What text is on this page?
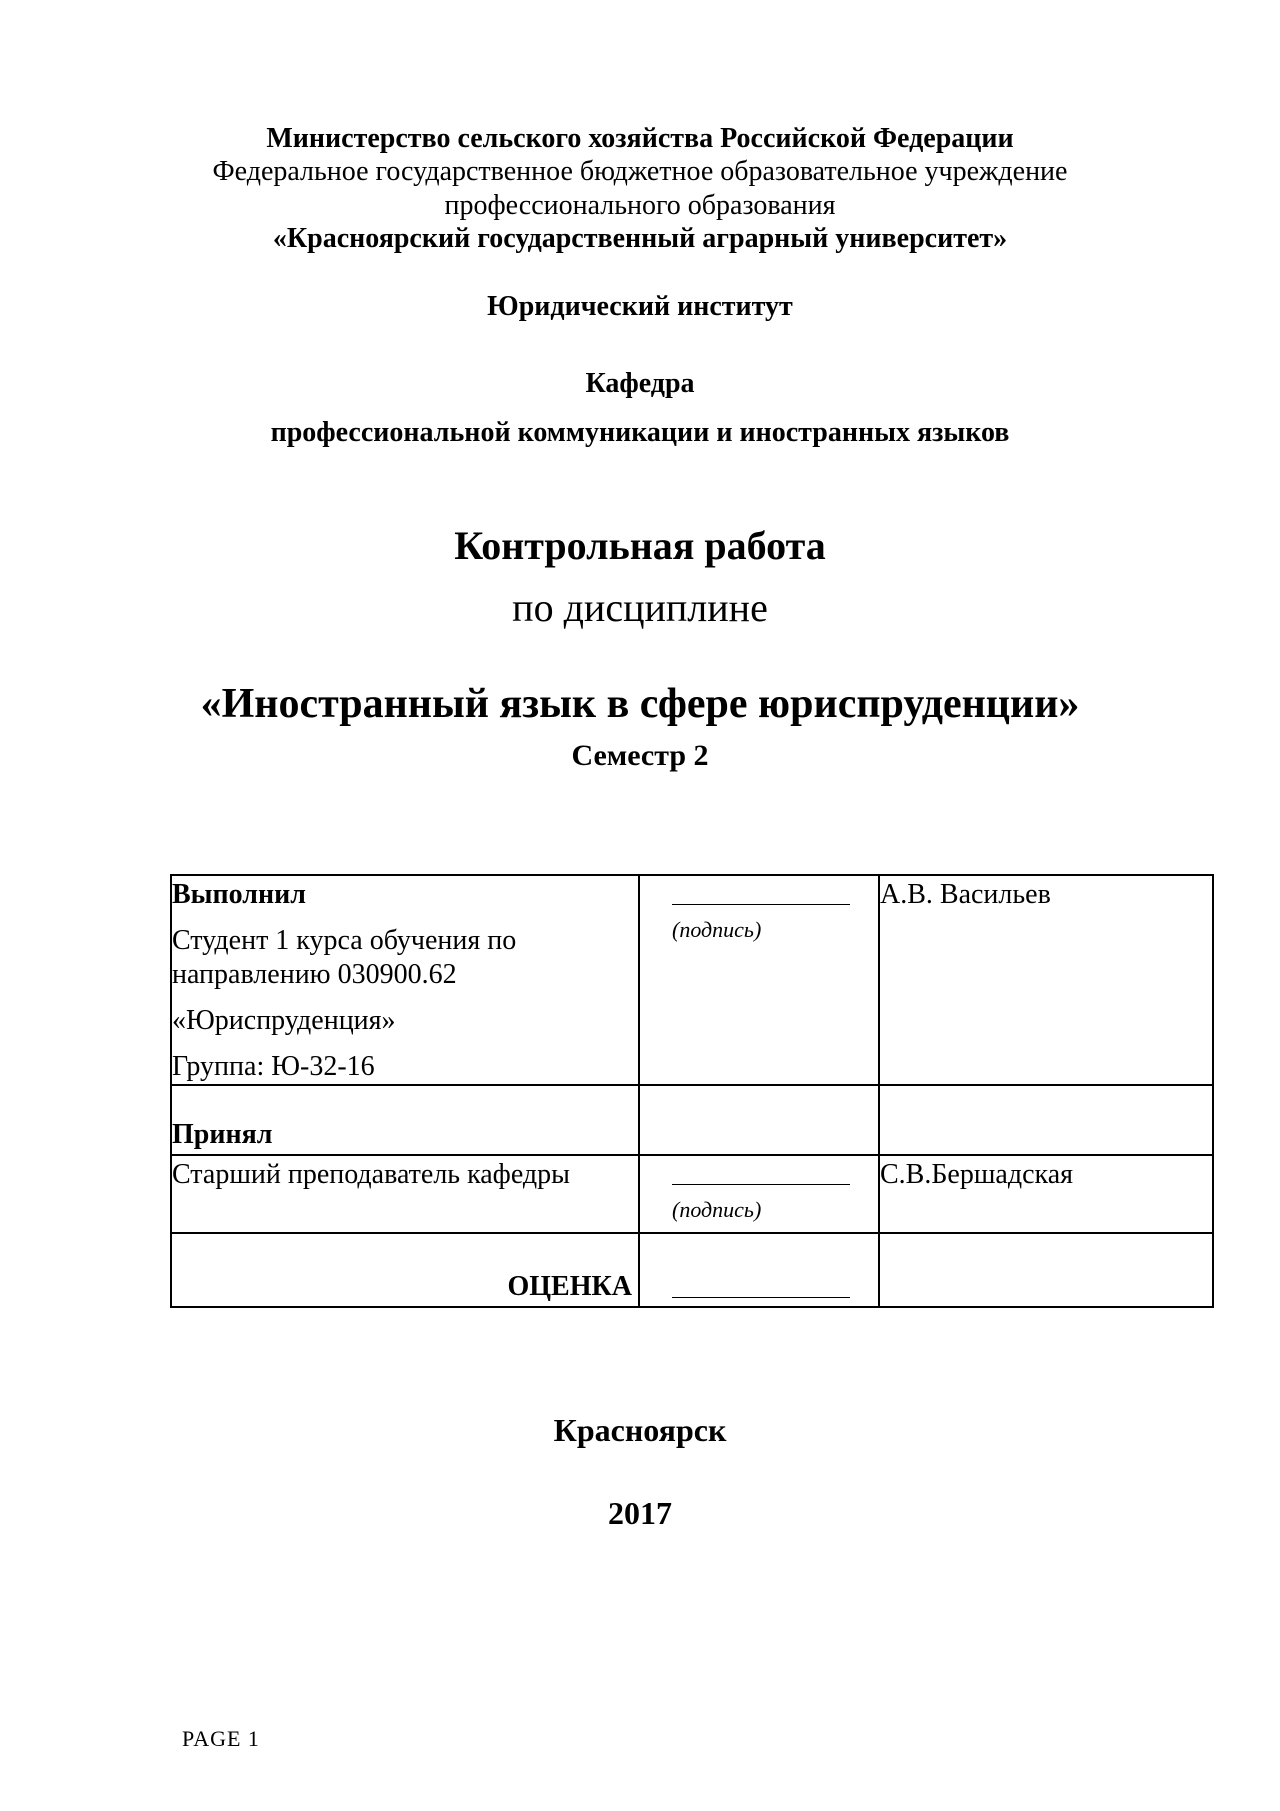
Министерство сельского хозяйства Российской Федерации
Федеральное государственное бюджетное образовательное учреждение
профессионального образования
«Красноярский государственный аграрный университет»
Юридический институт
Кафедра
профессиональной коммуникации и иностранных языков
Контрольная работа
по дисциплине
«Иностранный язык в сфере юриспруденции»
Семестр 2
Выполнил
Студент 1 курса обучения по направлению 030900.62
«Юриспруденция»
Группа: Ю-32-16	(подпись)	А.В. Васильев

Принял		

Старший преподаватель кафедры	(подпись)	С.В.Бершадская

ОЦЕНКА		

Красноярск
2017
PAGE 1
